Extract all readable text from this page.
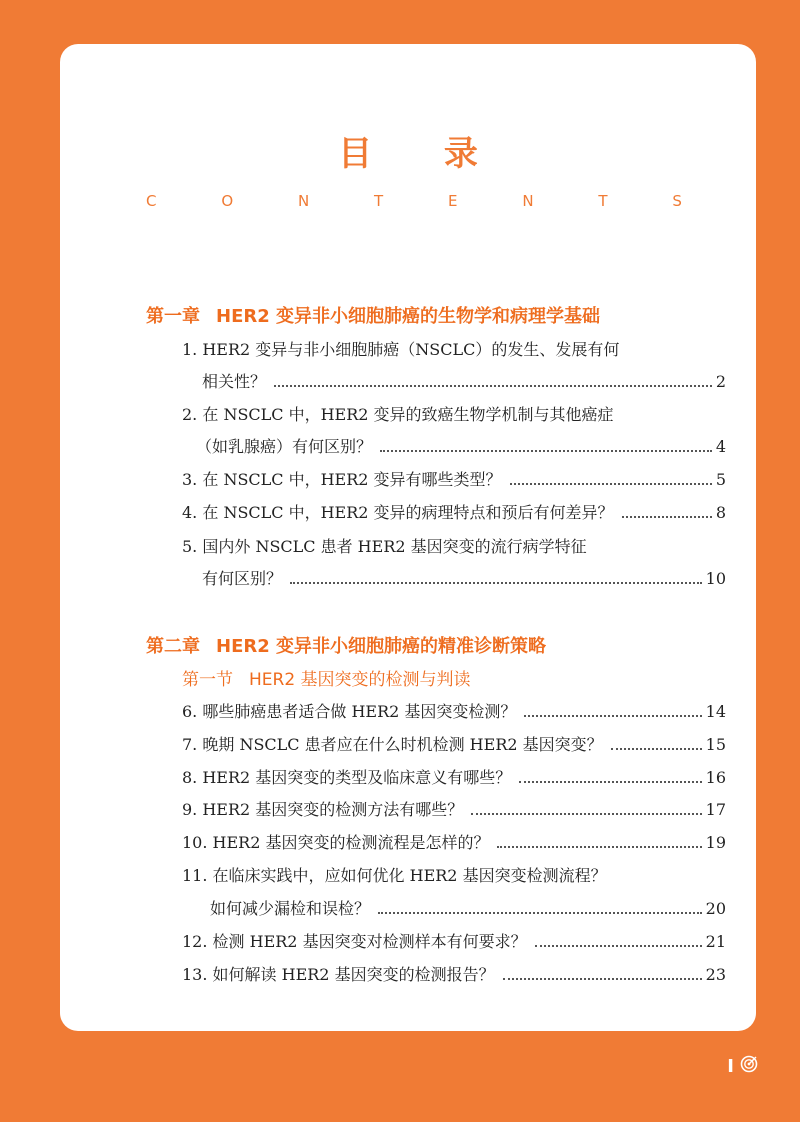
目 录
C	O	N	T	E	N	T	S
第一章 HER2 变异非小细胞肺癌的生物学和病理学基础
1. HER2 变异与非小细胞肺癌（NSCLC）的发生、发展有何
相关性？	2
2. 在 NSCLC 中，HER2 变异的致癌生物学机制与其他癌症
（如乳腺癌）有何区别？	4
3. 在 NSCLC 中，HER2 变异有哪些类型？	5
4. 在 NSCLC 中，HER2 变异的病理特点和预后有何差异？	8
5. 国内外 NSCLC 患者 HER2 基因突变的流行病学特征
有何区别？	10
第二章 HER2 变异非小细胞肺癌的精准诊断策略
第一节 HER2 基因突变的检测与判读
6. 哪些肺癌患者适合做 HER2 基因突变检测？	14
7. 晚期 NSCLC 患者应在什么时机检测 HER2 基因突变？	15
8. HER2 基因突变的类型及临床意义有哪些？	16
9. HER2 基因突变的检测方法有哪些？	17
10. HER2 基因突变的检测流程是怎样的？	19
11. 在临床实践中，应如何优化 HER2 基因突变检测流程？
如何减少漏检和误检？	20
12. 检测 HER2 基因突变对检测样本有何要求？	21
13. 如何解读 HER2 基因突变的检测报告？	23
I
